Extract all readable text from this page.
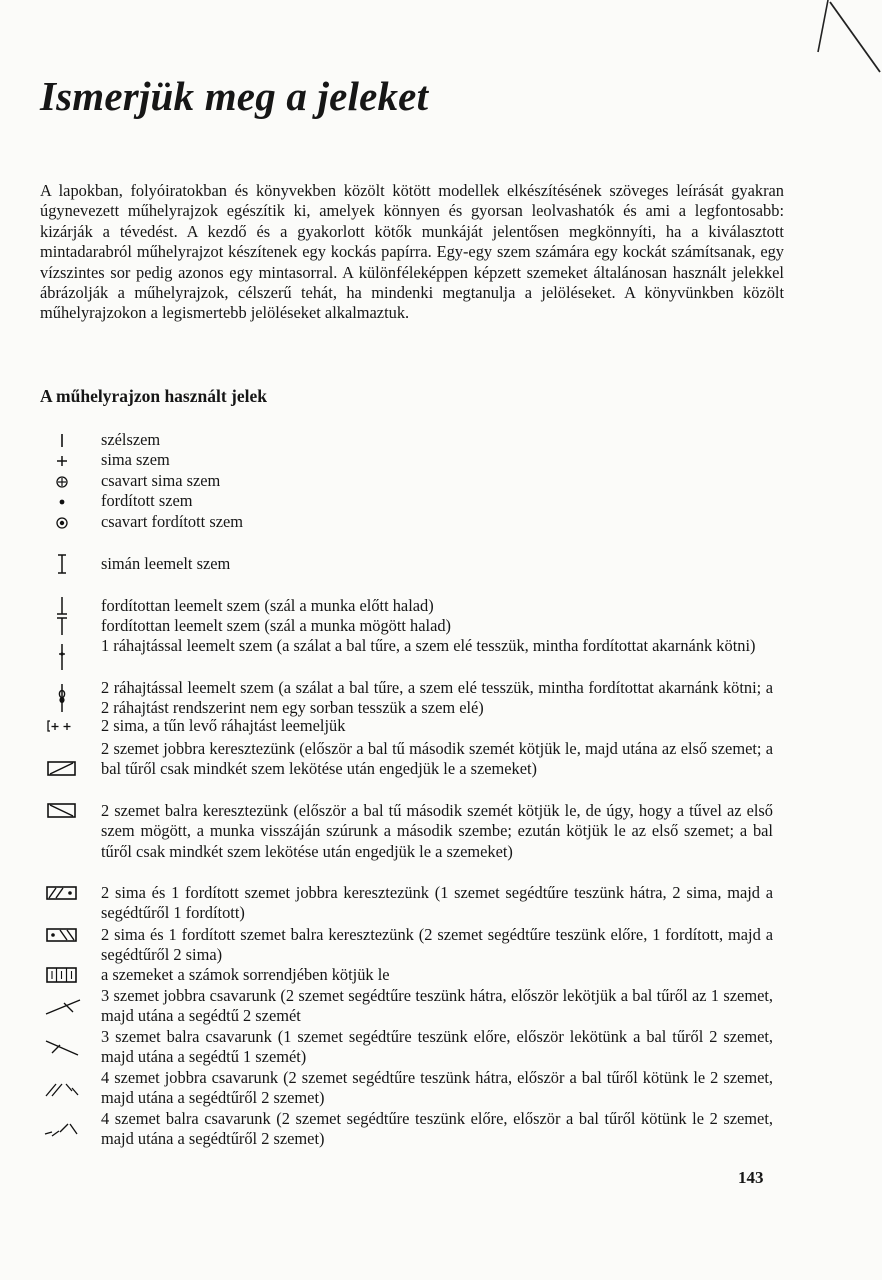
Ismerjük meg a jeleket

A lapokban, folyóiratokban és könyvekben közölt kötött modellek elkészítésének szöveges leírását gyakran úgynevezett műhelyrajzok egészítik ki, amelyek könnyen és gyorsan leolvashatók és ami a legfontosabb: kizárják a tévedést. A kezdő és a gyakorlott kötők munkáját jelentősen megkönnyíti, ha a kiválasztott mintadarabról műhelyrajzot készítenek egy kockás papírra. Egy-egy szem számára egy kockát számítsanak, egy vízszintes sor pedig azonos egy mintasorral. A különféleképpen képzett szemeket általánosan használt jelekkel ábrázolják a műhelyrajzok, célszerű tehát, ha mindenki megtanulja a jelöléseket. A könyvünkben közölt műhelyrajzokon a legismertebb jelöléseket alkalmaztuk.

A műhelyrajzon használt jelek
szélszem
sima szem
csavart sima szem
fordított szem
csavart fordított szem
simán leemelt szem
fordítottan leemelt szem (szál a munka előtt halad)
fordítottan leemelt szem (szál a munka mögött halad)
1 ráhajtással leemelt szem (a szálat a bal tűre, a szem elé tesszük, mintha fordítottat akarnánk kötni)
2 ráhajtással leemelt szem (a szálat a bal tűre, a szem elé tesszük, mintha fordítottat akarnánk kötni; a 2 ráhajtást rendszerint nem egy sorban tesszük a szem elé)
2 sima, a tűn levő ráhajtást leemeljük
2 szemet jobbra keresztezünk (először a bal tű második szemét kötjük le, majd utána az első szemet; a bal tűről csak mindkét szem lekötése után engedjük le a szemeket)
2 szemet balra keresztezünk (először a bal tű második szemét kötjük le, de úgy, hogy a tűvel az első szem mögött, a munka visszáján szúrunk a második szembe; ezután kötjük le az első szemet; a bal tűről csak mindkét szem lekötése után engedjük le a szemeket)
2 sima és 1 fordított szemet jobbra keresztezünk (1 szemet segédtűre teszünk hátra, 2 sima, majd a segédtűről 1 fordított)
2 sima és 1 fordított szemet balra keresztezünk (2 szemet segédtűre teszünk előre, 1 fordított, majd a segédtűről 2 sima)
a szemeket a számok sorrendjében kötjük le
3 szemet jobbra csavarunk (2 szemet segédtűre teszünk hátra, először lekötjük a bal tűről az 1 szemet, majd utána a segédtű 2 szemét
3 szemet balra csavarunk (1 szemet segédtűre teszünk előre, először lekötünk a bal tűről 2 szemet, majd utána a segédtű 1 szemét)
4 szemet jobbra csavarunk (2 szemet segédtűre teszünk hátra, először a bal tűről kötünk le 2 szemet, majd utána a segédtűről 2 szemet)
4 szemet balra csavarunk (2 szemet segédtűre teszünk előre, először a bal tűről kötünk le 2 szemet, majd utána a segédtűről 2 szemet)
143
